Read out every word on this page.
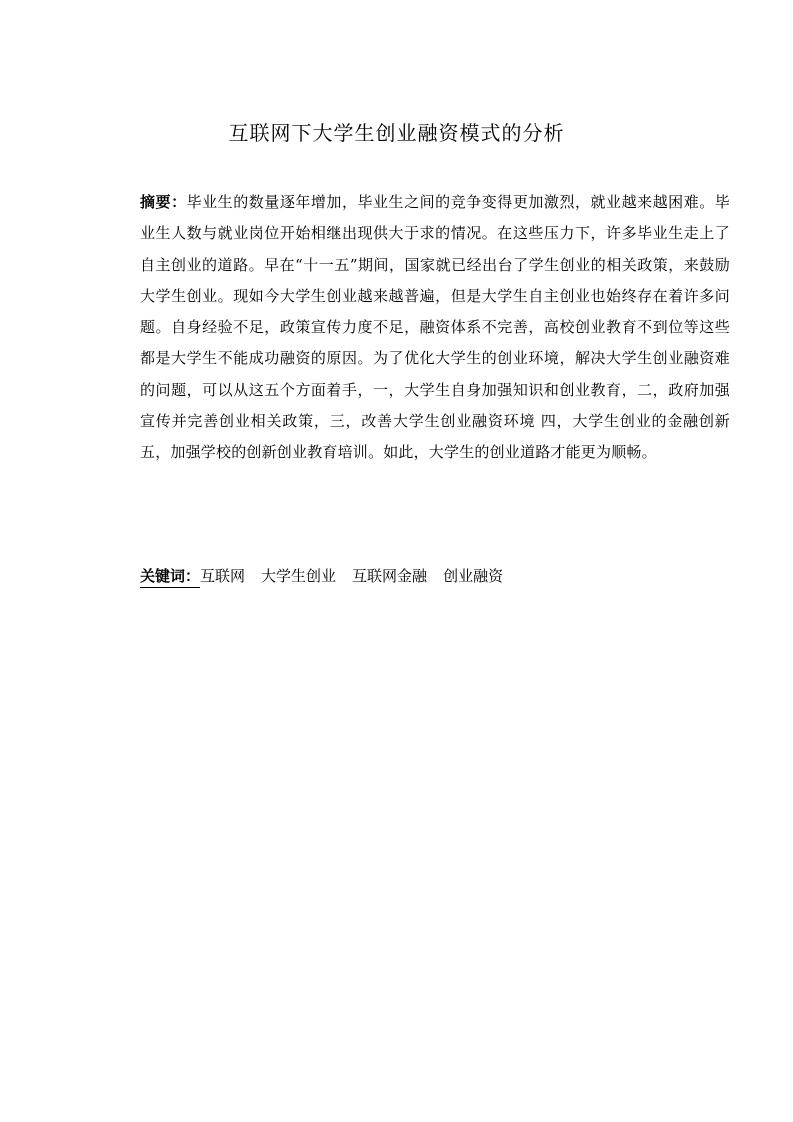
互联网下大学生创业融资模式的分析
摘要：毕业生的数量逐年增加，毕业生之间的竞争变得更加激烈，就业越来越困难。毕业生人数与就业岗位开始相继出现供大于求的情况。在这些压力下，许多毕业生走上了自主创业的道路。早在“十一五”期间，国家就已经出台了学生创业的相关政策，来鼓励大学生创业。现如今大学生创业越来越普遍，但是大学生自主创业也始终存在着许多问题。自身经验不足，政策宣传力度不足，融资体系不完善，高校创业教育不到位等这些都是大学生不能成功融资的原因。为了优化大学生的创业环境，解决大学生创业融资难的问题，可以从这五个方面着手，一，大学生自身加强知识和创业教育，二，政府加强宣传并完善创业相关政策，三，改善大学生创业融资环境 四，大学生创业的金融创新五，加强学校的创新创业教育培训。如此，大学生的创业道路才能更为顺畅。
关键词：互联网 大学生创业 互联网金融 创业融资
